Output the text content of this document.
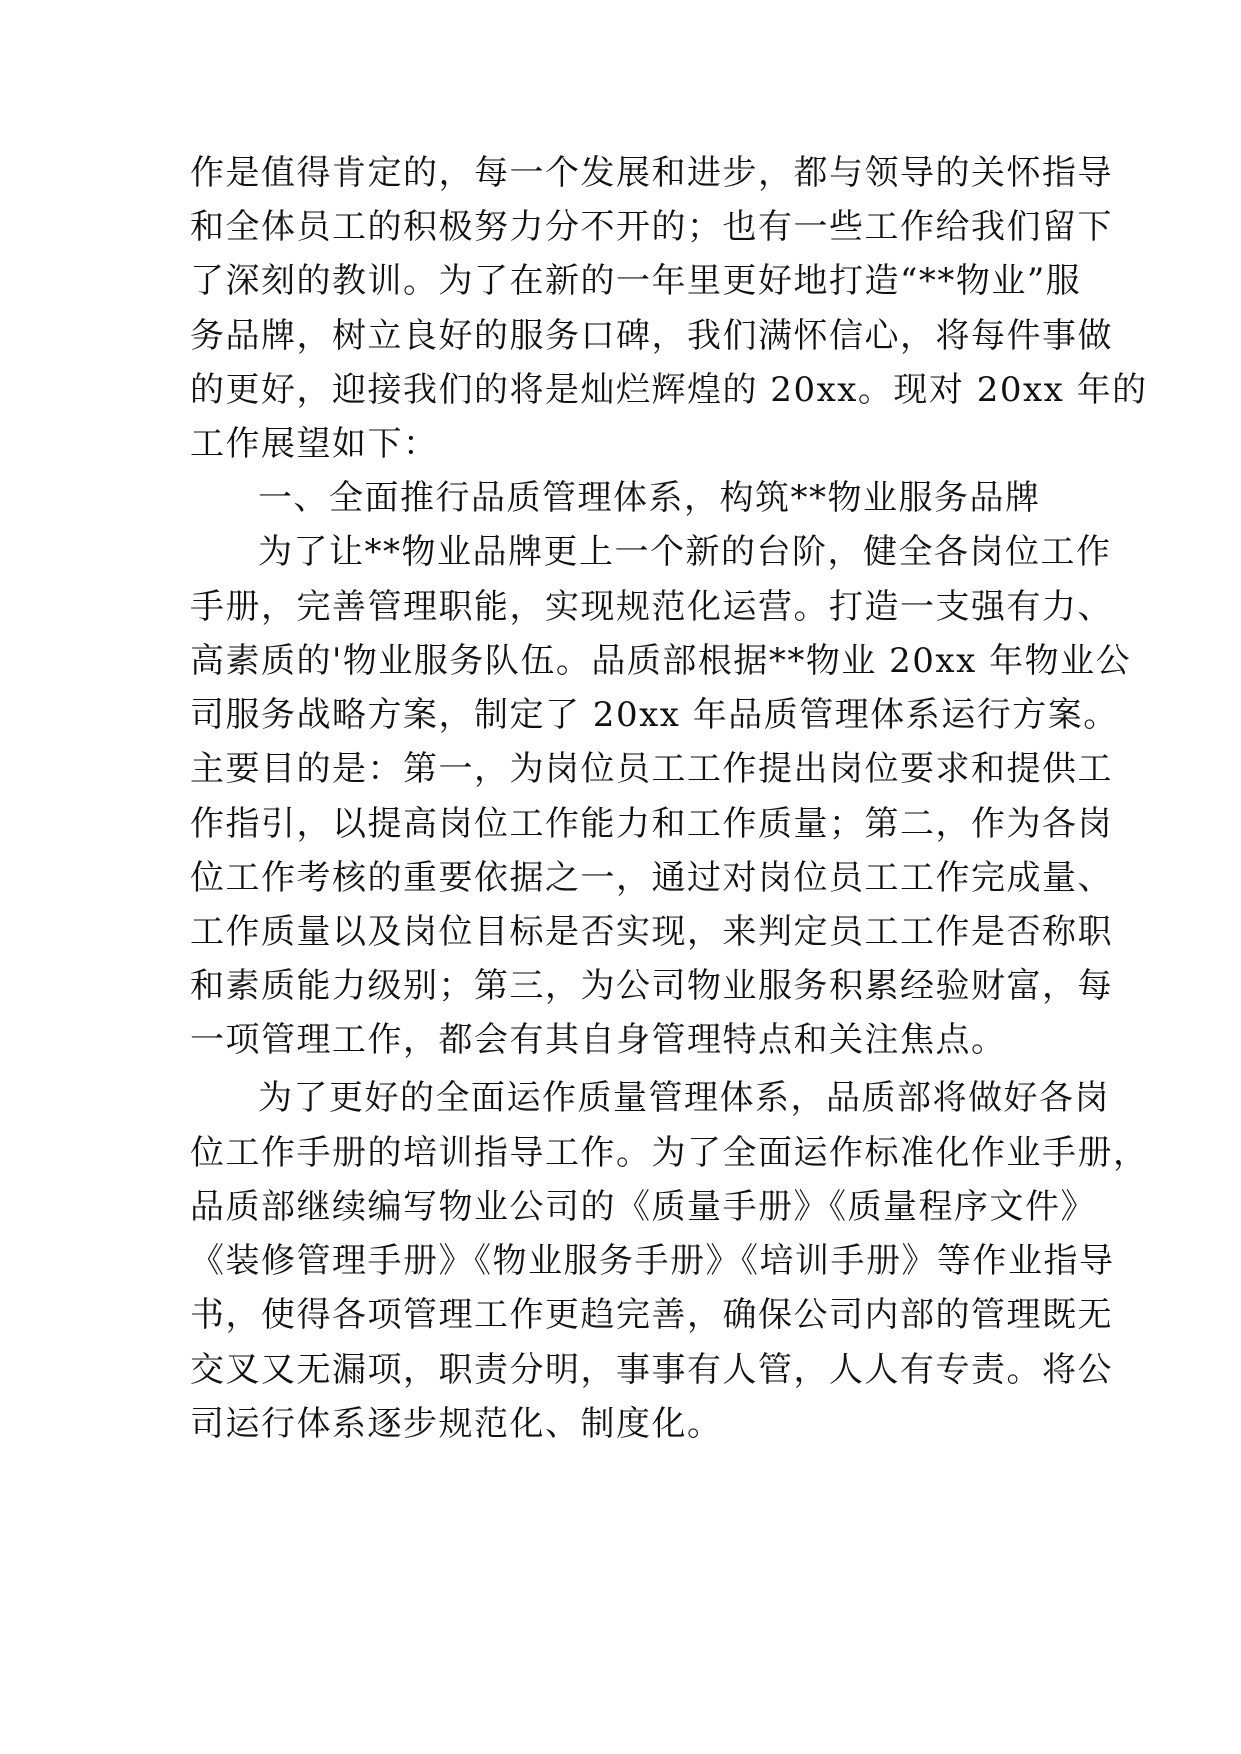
作是值得肯定的，每一个发展和进步，都与领导的关怀指导
和全体员工的积极努力分不开的；也有一些工作给我们留下
了深刻的教训。为了在新的一年里更好地打造“**物业”服
务品牌，树立良好的服务口碑，我们满怀信心，将每件事做
的更好，迎接我们的将是灿烂辉煌的 20xx。现对 20xx 年的
工作展望如下：
一、全面推行品质管理体系，构筑**物业服务品牌
为了让**物业品牌更上一个新的台阶，健全各岗位工作
手册，完善管理职能，实现规范化运营。打造一支强有力、
高素质的'物业服务队伍。品质部根据**物业 20xx 年物业公
司服务战略方案，制定了 20xx 年品质管理体系运行方案。
主要目的是：第一，为岗位员工工作提出岗位要求和提供工
作指引，以提高岗位工作能力和工作质量；第二，作为各岗
位工作考核的重要依据之一，通过对岗位员工工作完成量、
工作质量以及岗位目标是否实现，来判定员工工作是否称职
和素质能力级别；第三，为公司物业服务积累经验财富，每
一项管理工作，都会有其自身管理特点和关注焦点。
为了更好的全面运作质量管理体系，品质部将做好各岗
位工作手册的培训指导工作。为了全面运作标准化作业手册，
品质部继续编写物业公司的《质量手册》《质量程序文件》
《装修管理手册》《物业服务手册》《培训手册》等作业指导
书，使得各项管理工作更趋完善，确保公司内部的管理既无
交叉又无漏项，职责分明，事事有人管，人人有专责。将公
司运行体系逐步规范化、制度化。
